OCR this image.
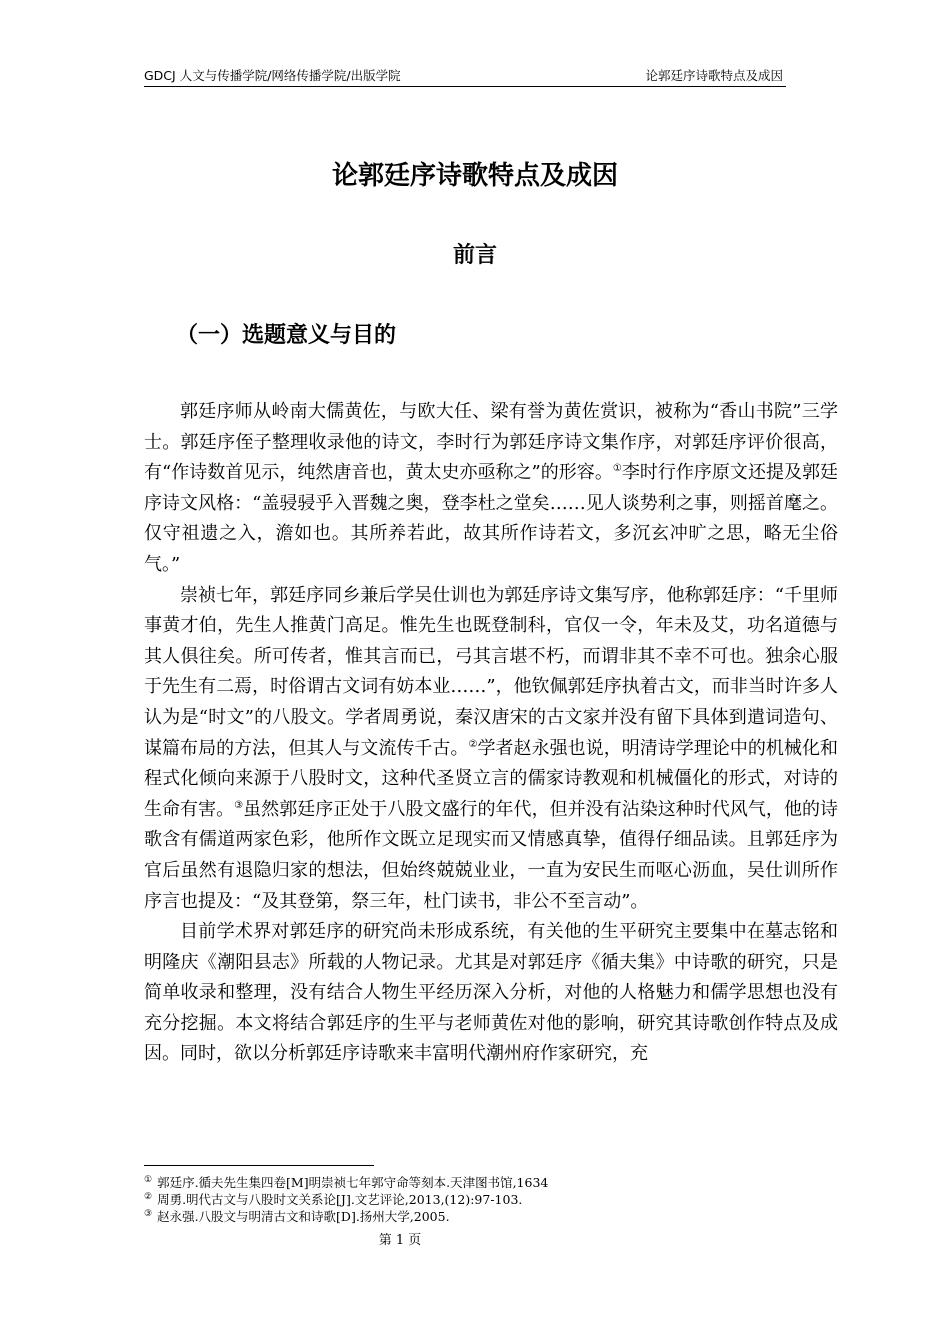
GDCJ 人文与传播学院/网络传播学院/出版学院	论郭廷序诗歌特点及成因
论郭廷序诗歌特点及成因
前言
（一）选题意义与目的

郭廷序师从岭南大儒黄佐，与欧大任、梁有誉为黄佐赏识，被称为“香山书院”三学士。郭廷序侄子整理收录他的诗文，李时行为郭廷序诗文集作序，对郭廷序评价很高，有“作诗数首见示，纯然唐音也，黄太史亦亟称之”的形容。①李时行作序原文还提及郭廷序诗文风格：“盖骎骎乎入晋魏之奥，登李杜之堂矣……见人谈势利之事，则摇首麾之。仅守祖遗之入，澹如也。其所养若此，故其所作诗若文，多沉玄冲旷之思，略无尘俗气。”

崇祯七年，郭廷序同乡兼后学吴仕训也为郭廷序诗文集写序，他称郭廷序：“千里师事黄才伯，先生人推黄门高足。惟先生也既登制科，官仅一令，年未及艾，功名道德与其人俱往矣。所可传者，惟其言而已，弓其言堪不朽，而谓非其不幸不可也。独余心服于先生有二焉，时俗谓古文词有妨本业……”，他钦佩郭廷序执着古文，而非当时许多人认为是“时文”的八股文。学者周勇说，秦汉唐宋的古文家并没有留下具体到遣词造句、谋篇布局的方法，但其人与文流传千古。②学者赵永强也说，明清诗学理论中的机械化和程式化倾向来源于八股时文，这种代圣贤立言的儒家诗教观和机械僵化的形式，对诗的生命有害。③虽然郭廷序正处于八股文盛行的年代，但并没有沾染这种时代风气，他的诗歌含有儒道两家色彩，他所作文既立足现实而又情感真挚，值得仔细品读。且郭廷序为官后虽然有退隐归家的想法，但始终兢兢业业，一直为安民生而呕心沥血，吴仕训所作序言也提及：“及其登第，祭三年，杜门读书，非公不至言动”。

目前学术界对郭廷序的研究尚未形成系统，有关他的生平研究主要集中在墓志铭和明隆庆《潮阳县志》所载的人物记录。尤其是对郭廷序《循夫集》中诗歌的研究，只是简单收录和整理，没有结合人物生平经历深入分析，对他的人格魅力和儒学思想也没有充分挖掘。本文将结合郭廷序的生平与老师黄佐对他的影响，研究其诗歌创作特点及成因。同时，欲以分析郭廷序诗歌来丰富明代潮州府作家研究，充

① 郭廷序.循夫先生集四卷[M]明崇祯七年郭守命等刻本.天津图书馆,1634
② 周勇.明代古文与八股时文关系论[J].文艺评论,2013,(12):97-103.
③ 赵永强.八股文与明清古文和诗歌[D].扬州大学,2005.
第 1 页
